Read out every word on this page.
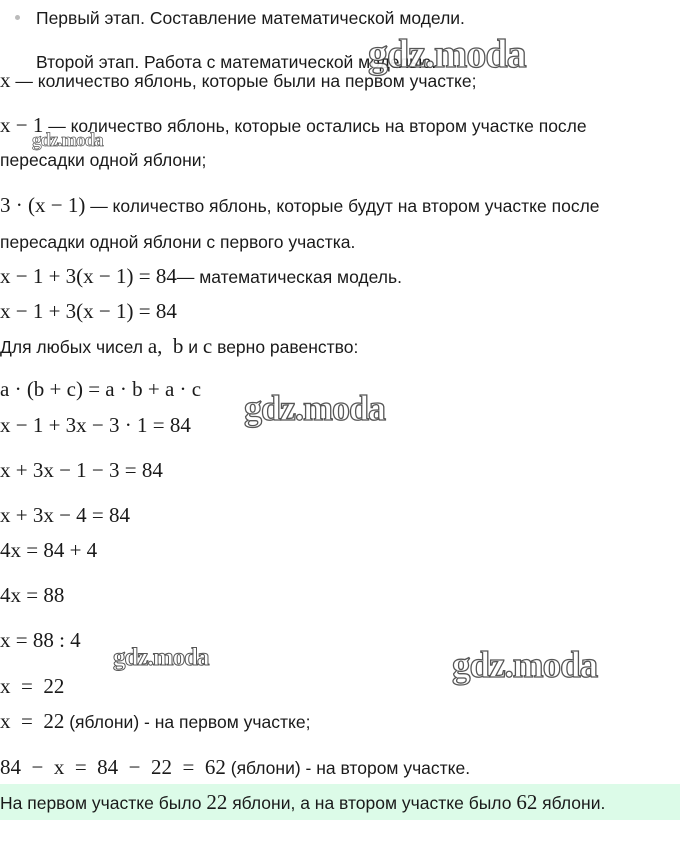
Первый этап. Составление математической модели.
Второй этап. Работа с математической моделью.
x — количество яблонь, которые были на первом участке;
x − 1 — количество яблонь, которые остались на втором участке после
пересадки одной яблони;
3 · (x − 1) — количество яблонь, которые будут на втором участке после
пересадки одной яблони с первого участка.
x − 1 + 3(x − 1) = 84— математическая модель.
x − 1 + 3(x − 1) = 84
Для любых чисел a,  b и c верно равенство:
a · (b + c) = a · b + a · c
x − 1 + 3x − 3 · 1 = 84
x + 3x − 1 − 3 = 84
x + 3x − 4 = 84
4x = 84 + 4
4x = 88
x = 88 : 4
x  =  22
x  =  22 (яблони) - на первом участке;
84  −  x  =  84  −  22  =  62 (яблони) - на втором участке.
На первом участке было 22 яблони, а на втором участке было 62 яблони.
gdz.moda
gdz.moda
gdz.moda
gdz.moda	gdz.moda
